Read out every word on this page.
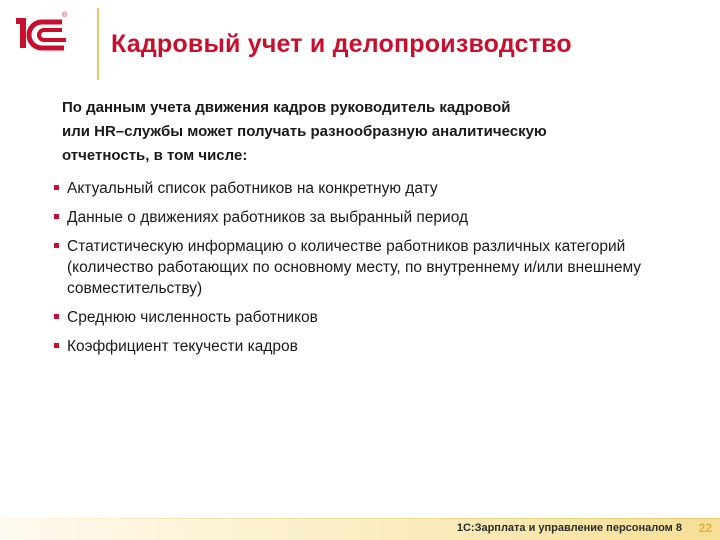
®
Кадровый учет и делопроизводство
По данным учета движения кадров руководитель кадровой
или HR–службы может получать разнообразную аналитическую
отчетность, в том числе:
Актуальный список работников на конкретную дату
Данные о движениях работников за выбранный период
Статистическую информацию о количестве работников различных категорий (количество работающих по основному месту, по внутреннему и/или внешнему совместительству)
Среднюю численность работников
Коэффициент текучести кадров
1С:Зарплата и управление персоналом 8 22
